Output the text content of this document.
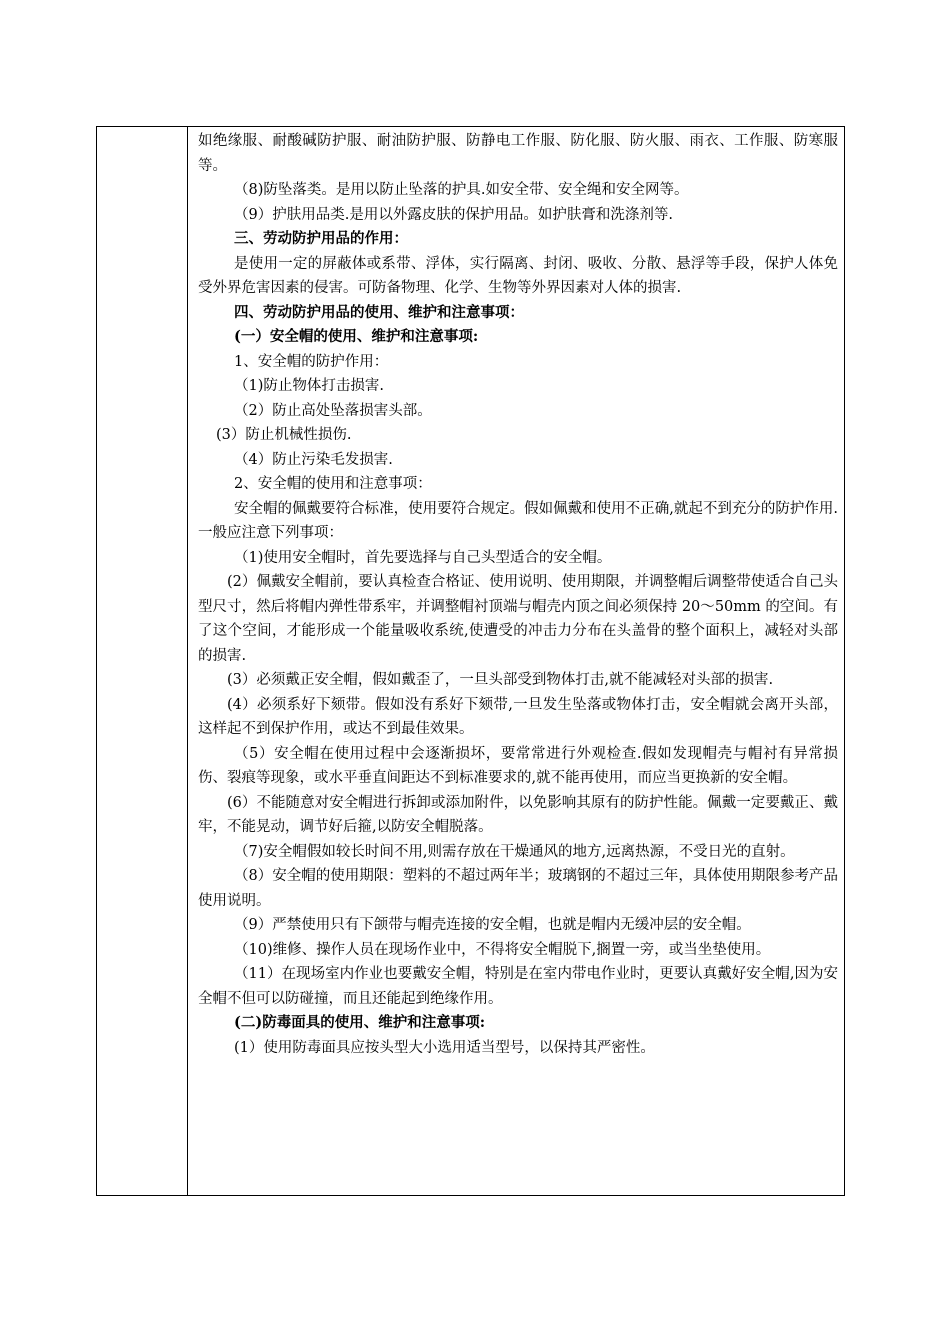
如绝缘服、耐酸碱防护服、耐油防护服、防静电工作服、防化服、防火服、雨衣、工作服、防寒服等。

（8)防坠落类。是用以防止坠落的护具.如安全带、安全绳和安全网等。

（9）护肤用品类.是用以外露皮肤的保护用品。如护肤膏和洗涤剂等.

三、劳动防护用品的作用：

是使用一定的屏蔽体或系带、浮体，实行隔离、封闭、吸收、分散、悬浮等手段，保护人体免受外界危害因素的侵害。可防备物理、化学、生物等外界因素对人体的损害.

四、劳动防护用品的使用、维护和注意事项：

(一）安全帽的使用、维护和注意事项:

1、安全帽的防护作用：

（1)防止物体打击损害.

（2）防止高处坠落损害头部。

(3）防止机械性损伤.

（4）防止污染毛发损害.

2、安全帽的使用和注意事项：

安全帽的佩戴要符合标准，使用要符合规定。假如佩戴和使用不正确,就起不到充分的防护作用.一般应注意下列事项：

（1)使用安全帽时，首先要选择与自己头型适合的安全帽。

(2）佩戴安全帽前，要认真检查合格证、使用说明、使用期限，并调整帽后调整带使适合自己头型尺寸，然后将帽内弹性带系牢，并调整帽衬顶端与帽壳内顶之间必须保持 20～50mm 的空间。有了这个空间，才能形成一个能量吸收系统,使遭受的冲击力分布在头盖骨的整个面积上，减轻对头部的损害.

(3）必须戴正安全帽，假如戴歪了，一旦头部受到物体打击,就不能减轻对头部的损害.

(4）必须系好下颏带。假如没有系好下颏带,一旦发生坠落或物体打击，安全帽就会离开头部，这样起不到保护作用，或达不到最佳效果。

（5）安全帽在使用过程中会逐渐损坏，要常常进行外观检查.假如发现帽壳与帽衬有异常损伤、裂痕等现象，或水平垂直间距达不到标准要求的,就不能再使用，而应当更换新的安全帽。

(6）不能随意对安全帽进行拆卸或添加附件，以免影响其原有的防护性能。佩戴一定要戴正、戴牢，不能晃动，调节好后箍,以防安全帽脱落。

（7)安全帽假如较长时间不用,则需存放在干燥通风的地方,远离热源，不受日光的直射。

（8）安全帽的使用期限：塑料的不超过两年半；玻璃钢的不超过三年，具体使用期限参考产品使用说明。

（9）严禁使用只有下颌带与帽壳连接的安全帽，也就是帽内无缓冲层的安全帽。

（10)维修、操作人员在现场作业中，不得将安全帽脱下,搁置一旁，或当坐垫使用。

（11）在现场室内作业也要戴安全帽，特别是在室内带电作业时，更要认真戴好安全帽,因为安全帽不但可以防碰撞，而且还能起到绝缘作用。

(二)防毒面具的使用、维护和注意事项:

(1）使用防毒面具应按头型大小选用适当型号，以保持其严密性。
